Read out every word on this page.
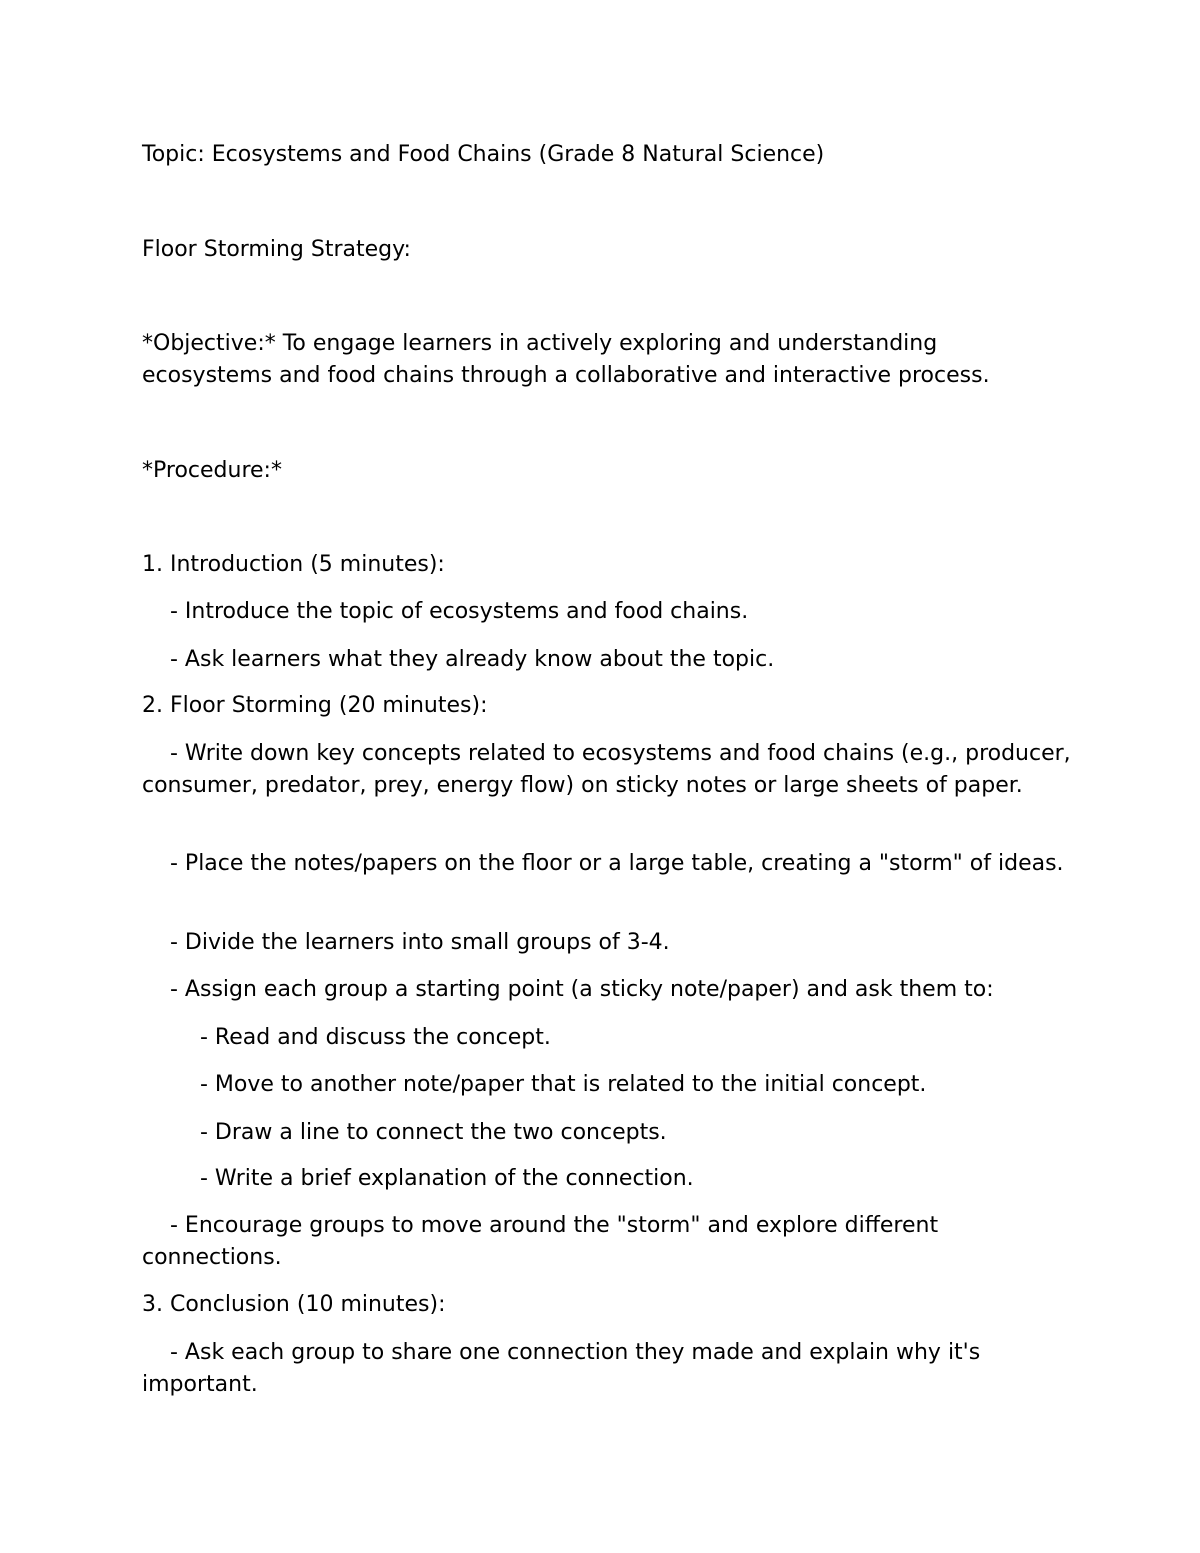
Topic: Ecosystems and Food Chains (Grade 8 Natural Science)

Floor Storming Strategy:

*Objective:* To engage learners in actively exploring and understanding ecosystems and food chains through a collaborative and interactive process.

*Procedure:*

1. Introduction (5 minutes):

- Introduce the topic of ecosystems and food chains.

- Ask learners what they already know about the topic.

2. Floor Storming (20 minutes):

- Write down key concepts related to ecosystems and food chains (e.g., producer, consumer, predator, prey, energy flow) on sticky notes or large sheets of paper.

- Place the notes/papers on the floor or a large table, creating a "storm" of ideas.

- Divide the learners into small groups of 3-4.

- Assign each group a starting point (a sticky note/paper) and ask them to:

- Read and discuss the concept.

- Move to another note/paper that is related to the initial concept.

- Draw a line to connect the two concepts.

- Write a brief explanation of the connection.

- Encourage groups to move around the "storm" and explore different connections.

3. Conclusion (10 minutes):

- Ask each group to share one connection they made and explain why it's important.
